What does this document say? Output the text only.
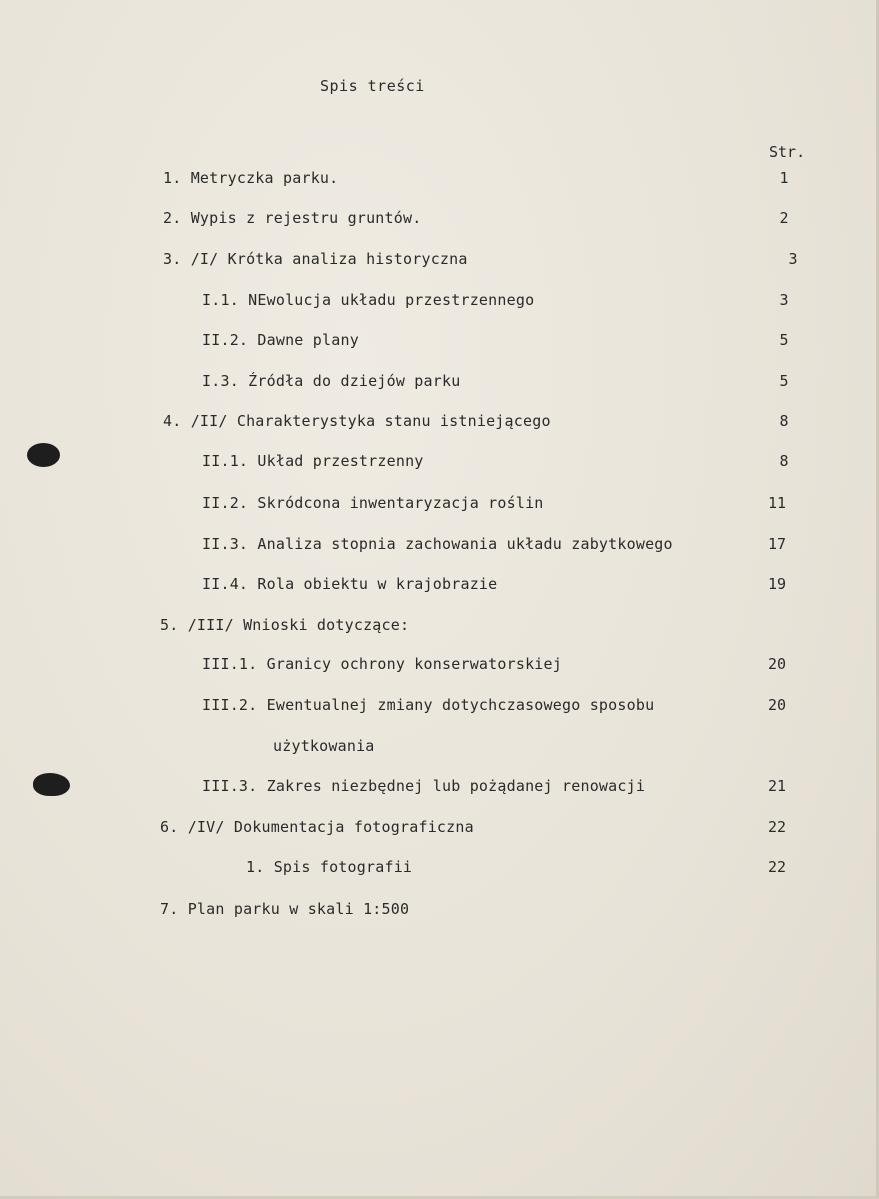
Spis treści
Str.
1. Metryczka parku.	1
2. Wypis z rejestru gruntów.	2
3. /I/ Krótka analiza historyczna	3
I.1. NEwolucja układu przestrzennego	3
II.2. Dawne plany	5
I.3. Źródła do dziejów parku	5
4. /II/ Charakterystyka stanu istniejącego	8
II.1. Układ przestrzenny	8
II.2. Skródcona inwentaryzacja roślin	11
II.3. Analiza stopnia zachowania układu zabytkowego	17
II.4. Rola obiektu w krajobrazie	19
5. /III/ Wnioski dotyczące:
III.1. Granicy ochrony konserwatorskiej	20
III.2. Ewentualnej zmiany dotychczasowego sposobu	20
użytkowania
III.3. Zakres niezbędnej lub pożądanej renowacji	21
6. /IV/ Dokumentacja fotograficzna	22
1. Spis fotografii	22
7. Plan parku w skali 1:500
